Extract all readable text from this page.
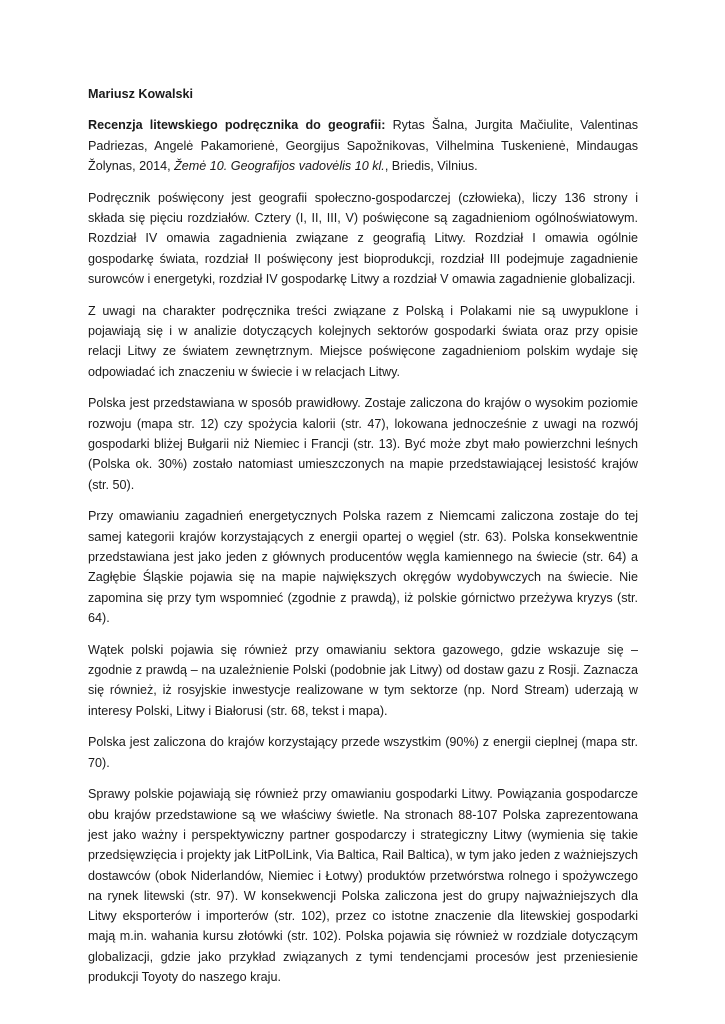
Mariusz Kowalski

Recenzja litewskiego podręcznika do geografii: Rytas Šalna, Jurgita Mačiulite, Valentinas Padriezas, Angelė Pakamorienė, Georgijus Sapožnikovas, Vilhelmina Tuskenienė, Mindaugas Žolynas, 2014, Žemė 10. Geografijos vadovėlis 10 kl., Briedis, Vilnius.

Podręcznik poświęcony jest geografii społeczno-gospodarczej (człowieka), liczy 136 strony i składa się pięciu rozdziałów. Cztery (I, II, III, V) poświęcone są zagadnieniom ogólnoświatowym. Rozdział IV omawia zagadnienia związane z geografią Litwy. Rozdział I omawia ogólnie gospodarkę świata, rozdział II poświęcony jest bioprodukcji, rozdział III podejmuje zagadnienie surowców i energetyki, rozdział IV gospodarkę Litwy a rozdział V omawia zagadnienie globalizacji.

Z uwagi na charakter podręcznika treści związane z Polską i Polakami nie są uwypuklone i pojawiają się i w analizie dotyczących kolejnych sektorów gospodarki świata oraz przy opisie relacji Litwy ze światem zewnętrznym. Miejsce poświęcone zagadnieniom polskim wydaje się odpowiadać ich znaczeniu w świecie i w relacjach Litwy.

Polska jest przedstawiana w sposób prawidłowy. Zostaje zaliczona do krajów o wysokim poziomie rozwoju (mapa str. 12) czy spożycia kalorii (str. 47), lokowana jednocześnie z uwagi na rozwój gospodarki bliżej Bułgarii niż Niemiec i Francji (str. 13). Być może zbyt mało powierzchni leśnych (Polska ok. 30%) zostało natomiast umieszczonych na mapie przedstawiającej lesistość krajów (str. 50).

Przy omawianiu zagadnień energetycznych Polska razem z Niemcami zaliczona zostaje do tej samej kategorii krajów korzystających z energii opartej o węgiel (str. 63). Polska konsekwentnie przedstawiana jest jako jeden z głównych producentów węgla kamiennego na świecie (str. 64) a Zagłębie Śląskie pojawia się na mapie największych okręgów wydobywczych na świecie. Nie zapomina się przy tym wspomnieć (zgodnie z prawdą), iż polskie górnictwo przeżywa kryzys (str. 64).

Wątek polski pojawia się również przy omawianiu sektora gazowego, gdzie wskazuje się – zgodnie z prawdą – na uzależnienie Polski (podobnie jak Litwy) od dostaw gazu z Rosji. Zaznacza się również, iż rosyjskie inwestycje realizowane w tym sektorze (np. Nord Stream) uderzają w interesy Polski, Litwy i Białorusi (str. 68, tekst i mapa).

Polska jest zaliczona do krajów korzystający przede wszystkim (90%) z energii cieplnej (mapa str. 70).

Sprawy polskie pojawiają się również przy omawianiu gospodarki Litwy. Powiązania gospodarcze obu krajów przedstawione są we właściwy świetle. Na stronach 88-107 Polska zaprezentowana jest jako ważny i perspektywiczny partner gospodarczy i strategiczny Litwy (wymienia się takie przedsięwzięcia i projekty jak LitPolLink, Via Baltica, Rail Baltica), w tym jako jeden z ważniejszych dostawców (obok Niderlandów, Niemiec i Łotwy) produktów przetwórstwa rolnego i spożywczego na rynek litewski (str. 97). W konsekwencji Polska zaliczona jest do grupy najważniejszych dla Litwy eksporterów i importerów (str. 102), przez co istotne znaczenie dla litewskiej gospodarki mają m.in. wahania kursu złotówki (str. 102). Polska pojawia się również w rozdziale dotyczącym globalizacji, gdzie jako przykład związanych z tymi tendencjami procesów jest przeniesienie produkcji Toyoty do naszego kraju.
